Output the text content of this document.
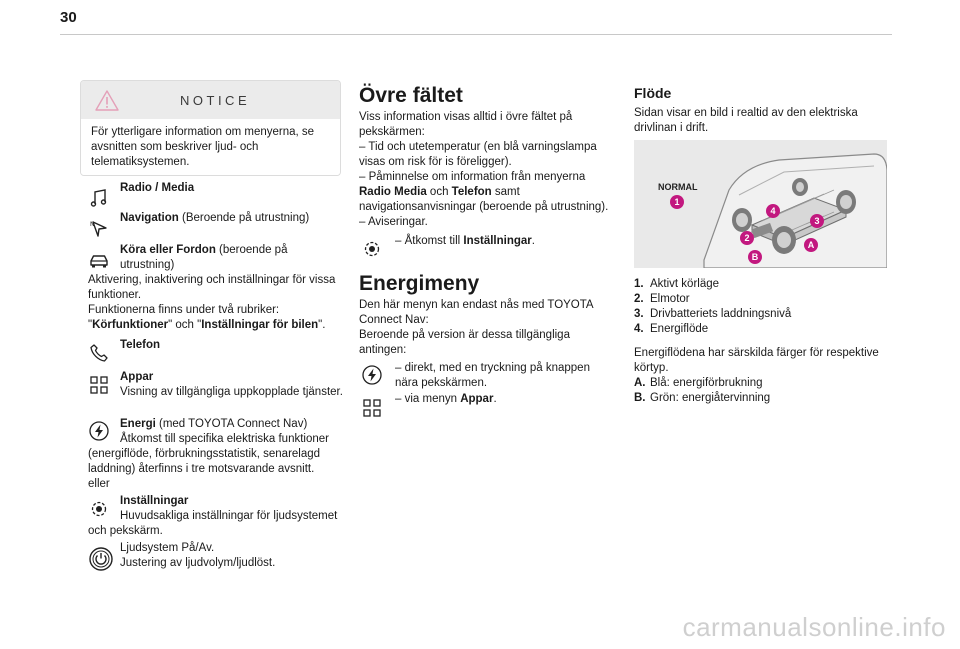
30
NOTICE
För ytterligare information om menyerna, se avsnitten som beskriver ljud- och telematiksystemen.
Radio / Media
N
Navigation (Beroende på utrustning)
Köra eller Fordon (beroende på utrustning)
Aktivering, inaktivering och inställningar för vissa funktioner.
Funktionerna finns under två rubriker: "Körfunktioner" och "Inställningar för bilen".
Telefon
Appar
Visning av tillgängliga uppkopplade tjänster.
Energi (med TOYOTA Connect Nav)
Åtkomst till specifika elektriska funktioner (energiflöde, förbrukningsstatistik, senarelagd laddning) återfinns i tre motsvarande avsnitt.
eller
Inställningar
Huvudsakliga inställningar för ljudsystemet och pekskärm.
Ljudsystem På/Av.
Justering av ljudvolym/ljudlöst.
Övre fältet
Viss information visas alltid i övre fältet på pekskärmen:
– Tid och utetemperatur (en blå varningslampa visas om risk för is föreligger).
– Påminnelse om information från menyerna Radio Media och Telefon samt navigationsanvisningar (beroende på utrustning).
– Aviseringar.
– Åtkomst till Inställningar.
Energimeny
Den här menyn kan endast nås med TOYOTA Connect Nav:
Beroende på version är dessa tillgängliga antingen:
– direkt, med en tryckning på knappen nära pekskärmen.
– via menyn Appar.
Flöde
Sidan visar en bild i realtid av den elektriska drivlinan i drift.
NORMAL
1
4
3
2
A
B
1. Aktivt körläge
2. Elmotor
3. Drivbatteriets laddningsnivå
4. Energiflöde
Energiflödena har särskilda färger för respektive körtyp.
A. Blå: energiförbrukning
B. Grön: energiåtervinning
carmanualsonline.info
